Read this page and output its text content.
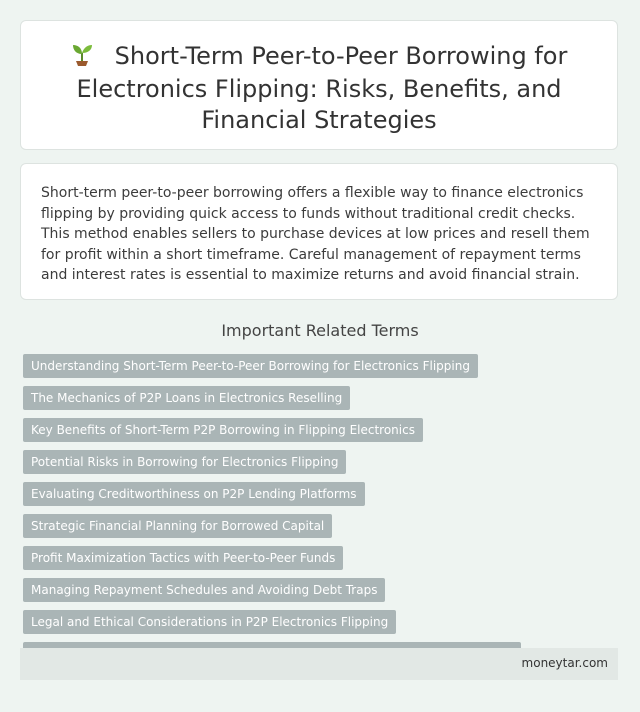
Short-Term Peer-to-Peer Borrowing for Electronics Flipping: Risks, Benefits, and Financial Strategies

Short-term peer-to-peer borrowing offers a flexible way to finance electronics flipping by providing quick access to funds without traditional credit checks. This method enables sellers to purchase devices at low prices and resell them for profit within a short timeframe. Careful management of repayment terms and interest rates is essential to maximize returns and avoid financial strain.

Important Related Terms
Understanding Short-Term Peer-to-Peer Borrowing for Electronics Flipping
The Mechanics of P2P Loans in Electronics Reselling
Key Benefits of Short-Term P2P Borrowing in Flipping Electronics
Potential Risks in Borrowing for Electronics Flipping
Evaluating Creditworthiness on P2P Lending Platforms
Strategic Financial Planning for Borrowed Capital
Profit Maximization Tactics with Peer-to-Peer Funds
Managing Repayment Schedules and Avoiding Debt Traps
Legal and Ethical Considerations in P2P Electronics Flipping
moneytar.com
